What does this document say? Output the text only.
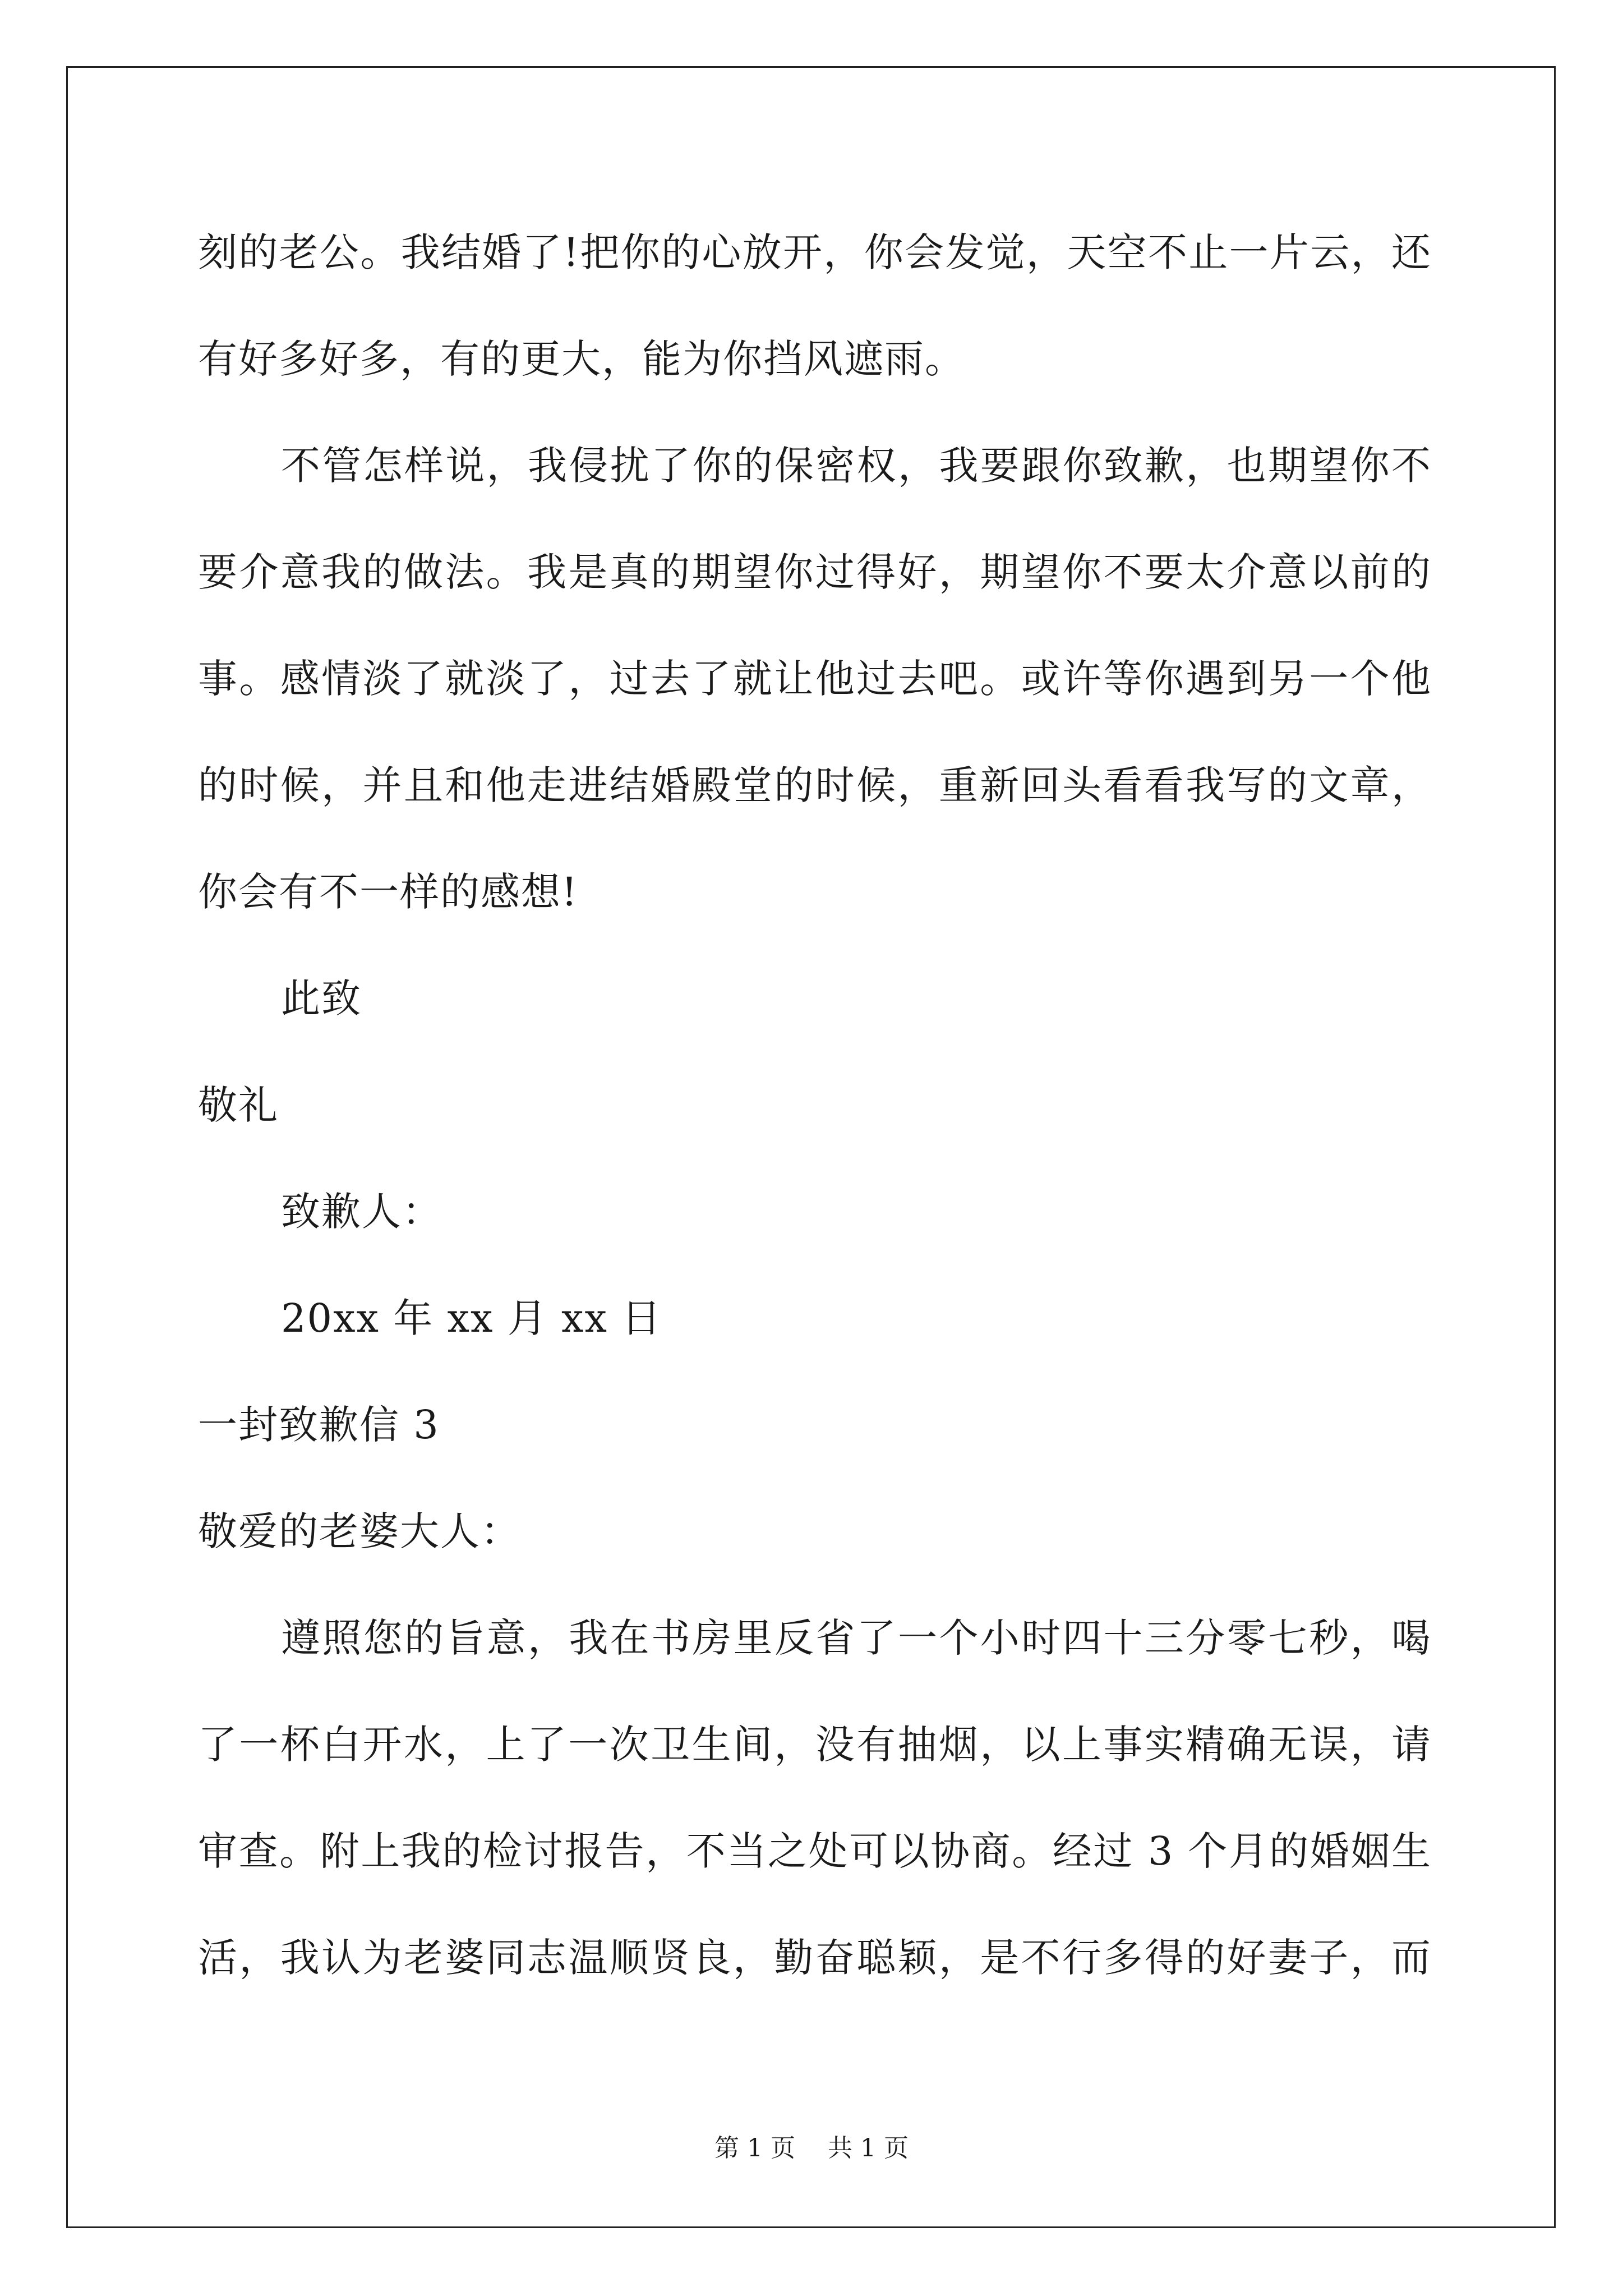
刻的老公。我结婚了!把你的心放开，你会发觉，天空不止一片云，还
有好多好多，有的更大，能为你挡风遮雨。
不管怎样说，我侵扰了你的保密权，我要跟你致歉，也期望你不
要介意我的做法。我是真的期望你过得好，期望你不要太介意以前的
事。感情淡了就淡了，过去了就让他过去吧。或许等你遇到另一个他
的时候，并且和他走进结婚殿堂的时候，重新回头看看我写的文章，
你会有不一样的感想!
此致
敬礼
致歉人：
20xx 年 xx 月 xx 日
一封致歉信 3
敬爱的老婆大人：
遵照您的旨意，我在书房里反省了一个小时四十三分零七秒，喝
了一杯白开水，上了一次卫生间，没有抽烟，以上事实精确无误，请
审查。附上我的检讨报告，不当之处可以协商。经过 3 个月的婚姻生
活，我认为老婆同志温顺贤良，勤奋聪颖，是不行多得的好妻子，而
第 1 页　 共 1 页
